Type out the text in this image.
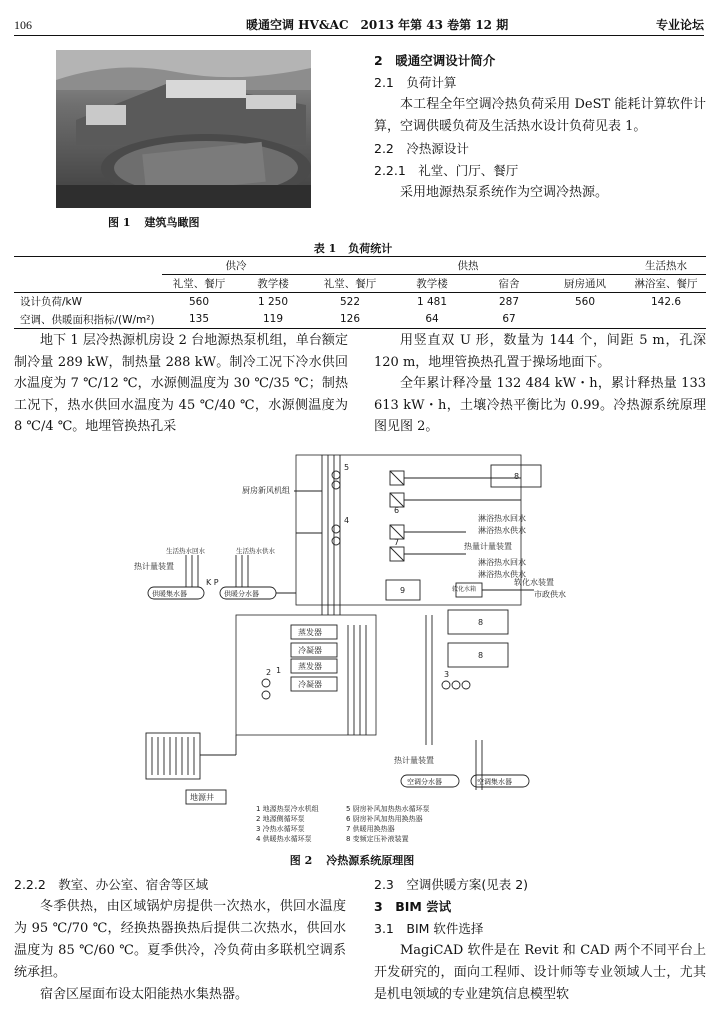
106	暖通空调 HV&AC　2013 年第 43 卷第 12 期	专业论坛
图 1 建筑鸟瞰图
2　暖通空调设计简介
2.1　负荷计算

本工程全年空调冷热负荷采用 DeST 能耗计算软件计算，空调供暖负荷及生活热水设计负荷见表 1。

2.2　冷热源设计
2.2.1　礼堂、门厅、餐厅

采用地源热泵系统作为空调冷热源。

表 1 负荷统计
	供冷		供热				生活热水
	礼堂、餐厅	教学楼	礼堂、餐厅	教学楼	宿舍	厨房通风	淋浴室、餐厅
设计负荷/kW	560	1 250	522	1 481	287	560	142.6
空调、供暖面积指标/(W/m²)	135	119	126	64	67		

地下 1 层冷热源机房设 2 台地源热泵机组，单台额定制冷量 289 kW，制热量 288 kW。制冷工况下冷水供回水温度为 7 ℃/12 ℃，水源侧温度为 30 ℃/35 ℃；制热工况下，热水供回水温度为 45 ℃/40 ℃，水源侧温度为 8 ℃/4 ℃。地埋管换热孔采

用竖直双 U 形，数量为 144 个，间距 5 m，孔深 120 m，地埋管换热孔置于操场地面下。

全年累计释冷量 132 484 kW・h，累计释热量 133 613 kW・h，土壤冷热平衡比为 0.99。冷热源系统原理图见图 2。

5
6
厨房新风机组
4
7
8
淋浴热水回水
淋浴热水供水
热量计量装置
淋浴热水回水
淋浴热水供水
9	软化水箱
软化水装置
市政供水
生活热水回水	生活热水供水
热计量装置
K P
供暖集水器	供暖分水器
8
8
蒸发器
冷凝器
蒸发器
冷凝器
1
2	3
地源井
热计量装置
空调分水器	空调集水器
1 地源热泵冷水机组
2 地源侧循环泵
3 冷热水循环泵
4 供暖热水循环泵
5 厨房补风加热热水循环泵
6 厨房补风加热用换热器
7 供暖用换热器
8 变频定压补液装置
图 2 冷热源系统原理图
2.2.2　教室、办公室、宿舍等区域

冬季供热，由区域锅炉房提供一次热水，供回水温度为 95 ℃/70 ℃，经换热器换热后提供二次热水，供回水温度为 85 ℃/60 ℃。夏季供冷，冷负荷由多联机空调系统承担。

宿舍区屋面布设太阳能热水集热器。

2.3　空调供暖方案(见表 2)
3　BIM 尝试
3.1　BIM 软件选择

MagiCAD 软件是在 Revit 和 CAD 两个不同平台上开发研究的，面向工程师、设计师等专业领域人士，尤其是机电领域的专业建筑信息模型软
